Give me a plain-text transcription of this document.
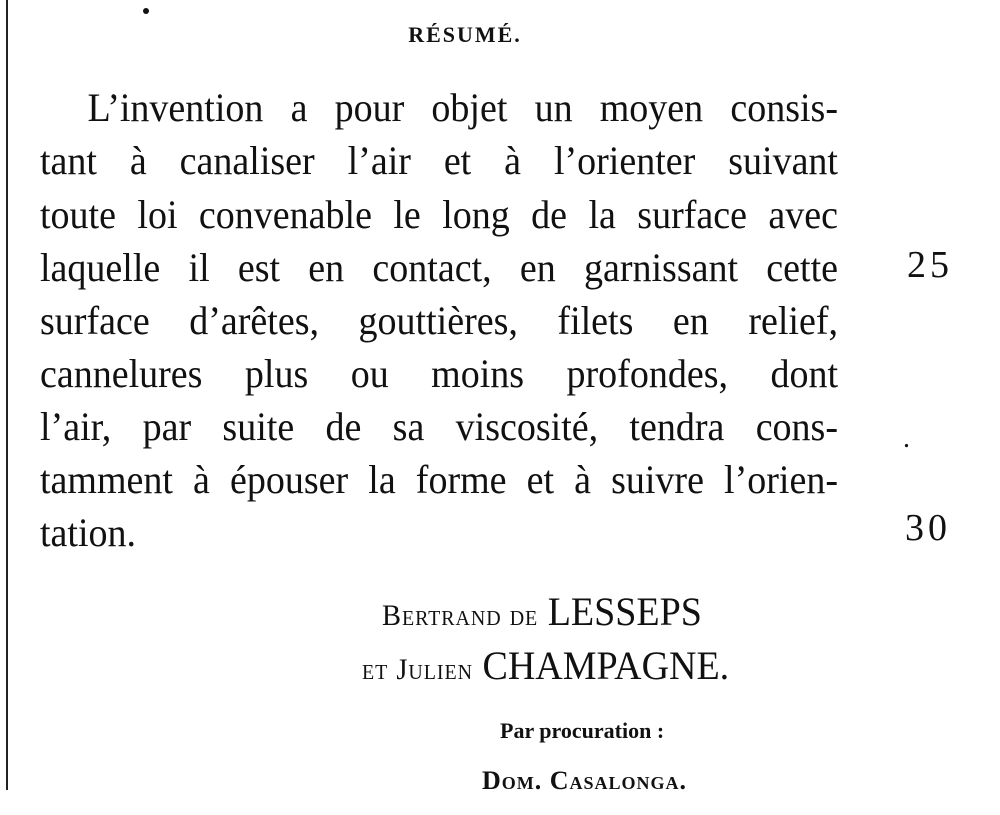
RÉSUMÉ.
L’invention a pour objet un moyen consis-
tant à canaliser l’air et à l’orienter suivant
toute loi convenable le long de la surface avec
laquelle il est en contact, en garnissant cette
surface d’arêtes, gouttières, filets en relief,
cannelures plus ou moins profondes, dont
l’air, par suite de sa viscosité, tendra cons-
tamment à épouser la forme et à suivre l’orien-
tation.
25
.
30
Bertrand de LESSEPS
et Julien CHAMPAGNE.
Par procuration :
Dom. Casalonga.
